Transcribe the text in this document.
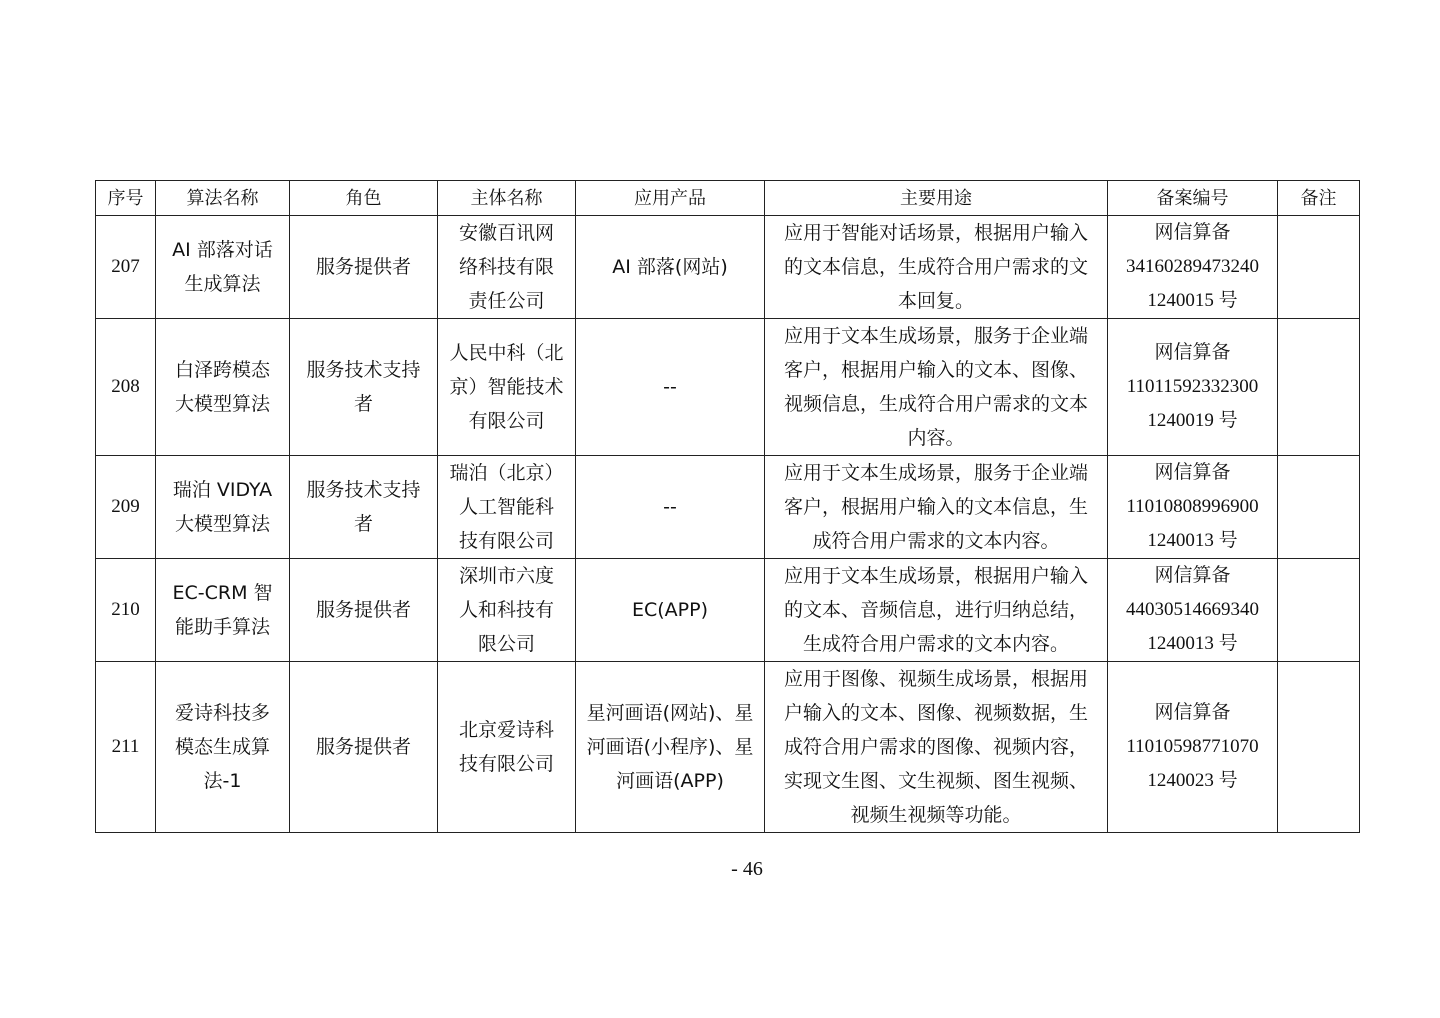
序号	算法名称	角色	主体名称	应用产品	主要用途	备案编号	备注
207	AI 部落对话
生成算法	服务提供者	安徽百讯网
络科技有限
责任公司	AI 部落(网站)	应用于智能对话场景，根据用户输入
的文本信息，生成符合用户需求的文
本回复。	网信算备
34160289473240
1240015 号	

208	白泽跨模态
大模型算法	服务技术支持
者	人民中科（北
京）智能技术
有限公司	--	应用于文本生成场景，服务于企业端
客户，根据用户输入的文本、图像、
视频信息，生成符合用户需求的文本
内容。	网信算备
11011592332300
1240019 号	

209	瑞泊 VIDYA
大模型算法	服务技术支持
者	瑞泊（北京）
人工智能科
技有限公司	--	应用于文本生成场景，服务于企业端
客户，根据用户输入的文本信息，生
成符合用户需求的文本内容。	网信算备
11010808996900
1240013 号	

210	EC-CRM 智
能助手算法	服务提供者	深圳市六度
人和科技有
限公司	EC(APP)	应用于文本生成场景，根据用户输入
的文本、音频信息，进行归纳总结，
生成符合用户需求的文本内容。	网信算备
44030514669340
1240013 号	

211	爱诗科技多
模态生成算
法-1	服务提供者	北京爱诗科
技有限公司	星河画语(网站)、星
河画语(小程序)、星
河画语(APP)	应用于图像、视频生成场景，根据用
户输入的文本、图像、视频数据，生
成符合用户需求的图像、视频内容，
实现文生图、文生视频、图生视频、
视频生视频等功能。	网信算备
11010598771070
1240023 号	

- 46
